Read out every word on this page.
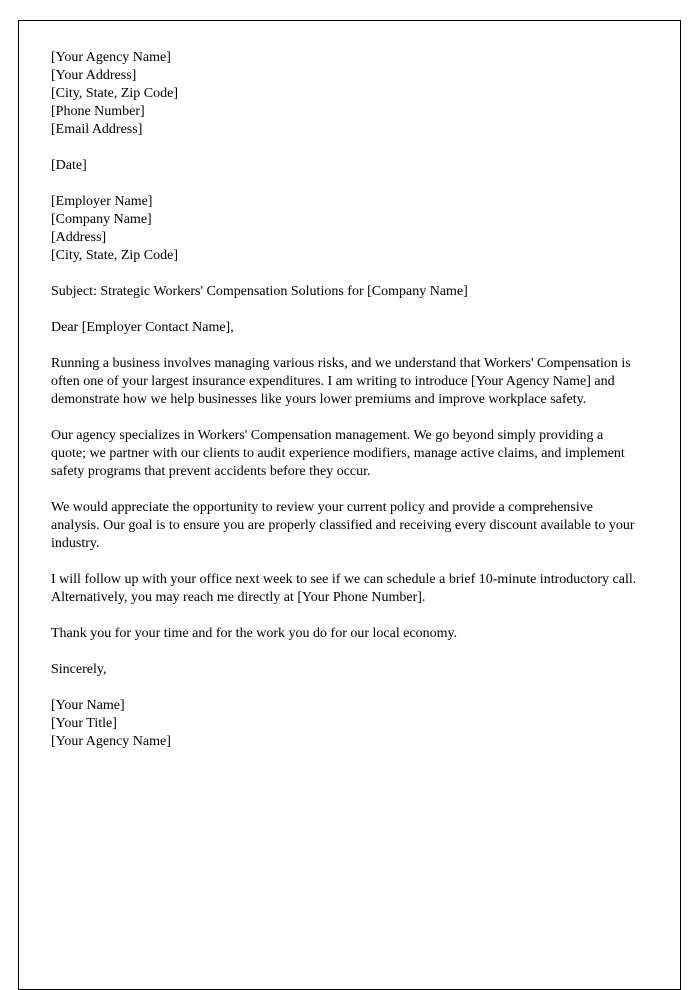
[Your Agency Name]
[Your Address]
[City, State, Zip Code]
[Phone Number]
[Email Address]
[Date]
[Employer Name]
[Company Name]
[Address]
[City, State, Zip Code]
Subject: Strategic Workers' Compensation Solutions for [Company Name]
Dear [Employer Contact Name],

Running a business involves managing various risks, and we understand that Workers' Compensation is often one of your largest insurance expenditures. I am writing to introduce [Your Agency Name] and demonstrate how we help businesses like yours lower premiums and improve workplace safety.

Our agency specializes in Workers' Compensation management. We go beyond simply providing a quote; we partner with our clients to audit experience modifiers, manage active claims, and implement safety programs that prevent accidents before they occur.

We would appreciate the opportunity to review your current policy and provide a comprehensive analysis. Our goal is to ensure you are properly classified and receiving every discount available to your industry.

I will follow up with your office next week to see if we can schedule a brief 10-minute introductory call. Alternatively, you may reach me directly at [Your Phone Number].

Thank you for your time and for the work you do for our local economy.

Sincerely,
[Your Name]
[Your Title]
[Your Agency Name]
